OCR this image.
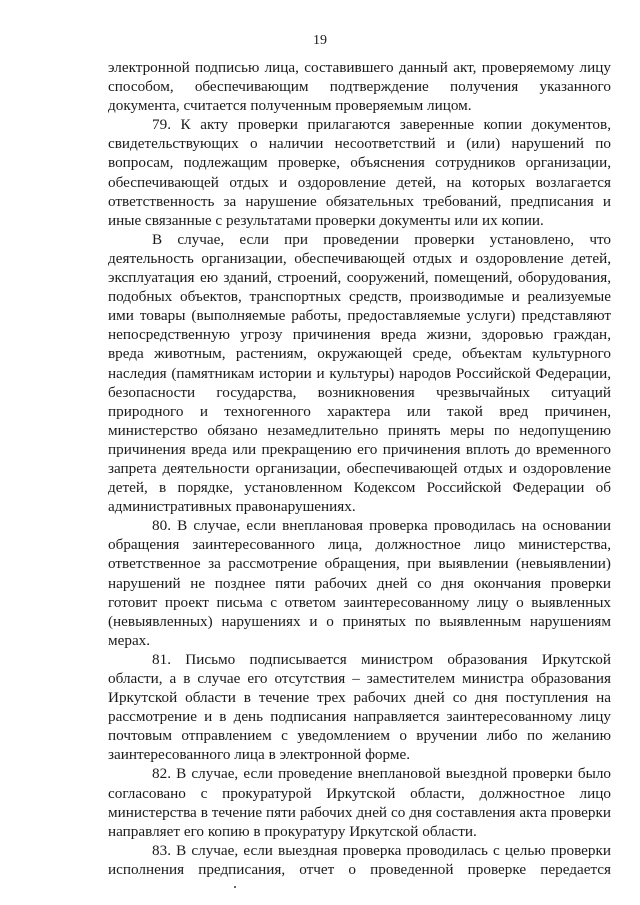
19

электронной подписью лица, составившего данный акт, проверяемому лицу способом, обеспечивающим подтверждение получения указанного документа, считается полученным проверяемым лицом.

79. К акту проверки прилагаются заверенные копии документов, свидетельствующих о наличии несоответствий и (или) нарушений по вопросам, подлежащим проверке, объяснения сотрудников организации, обеспечивающей отдых и оздоровление детей, на которых возлагается ответственность за нарушение обязательных требований, предписания и иные связанные с результатами проверки документы или их копии.

В случае, если при проведении проверки установлено, что деятельность организации, обеспечивающей отдых и оздоровление детей, эксплуатация ею зданий, строений, сооружений, помещений, оборудования, подобных объектов, транспортных средств, производимые и реализуемые ими товары (выполняемые работы, предоставляемые услуги) представляют непосредственную угрозу причинения вреда жизни, здоровью граждан, вреда животным, растениям, окружающей среде, объектам культурного наследия (памятникам истории и культуры) народов Российской Федерации, безопасности государства, возникновения чрезвычайных ситуаций природного и техногенного характера или такой вред причинен, министерство обязано незамедлительно принять меры по недопущению причинения вреда или прекращению его причинения вплоть до временного запрета деятельности организации, обеспечивающей отдых и оздоровление детей, в порядке, установленном Кодексом Российской Федерации об административных правонарушениях.

80. В случае, если внеплановая проверка проводилась на основании обращения заинтересованного лица, должностное лицо министерства, ответственное за рассмотрение обращения, при выявлении (невыявлении) нарушений не позднее пяти рабочих дней со дня окончания проверки готовит проект письма с ответом заинтересованному лицу о выявленных (невыявленных) нарушениях и о принятых по выявленным нарушениям мерах.

81. Письмо подписывается министром образования Иркутской области, а в случае его отсутствия – заместителем министра образования Иркутской области в течение трех рабочих дней со дня поступления на рассмотрение и в день подписания направляется заинтересованному лицу почтовым отправлением с уведомлением о вручении либо по желанию заинтересованного лица в электронной форме.

82. В случае, если проведение внеплановой выездной проверки было согласовано с прокуратурой Иркутской области, должностное лицо министерства в течение пяти рабочих дней со дня составления акта проверки направляет его копию в прокуратуру Иркутской области.

83. В случае, если выездная проверка проводилась с целью проверки исполнения предписания, отчет о проведенной проверке передается
